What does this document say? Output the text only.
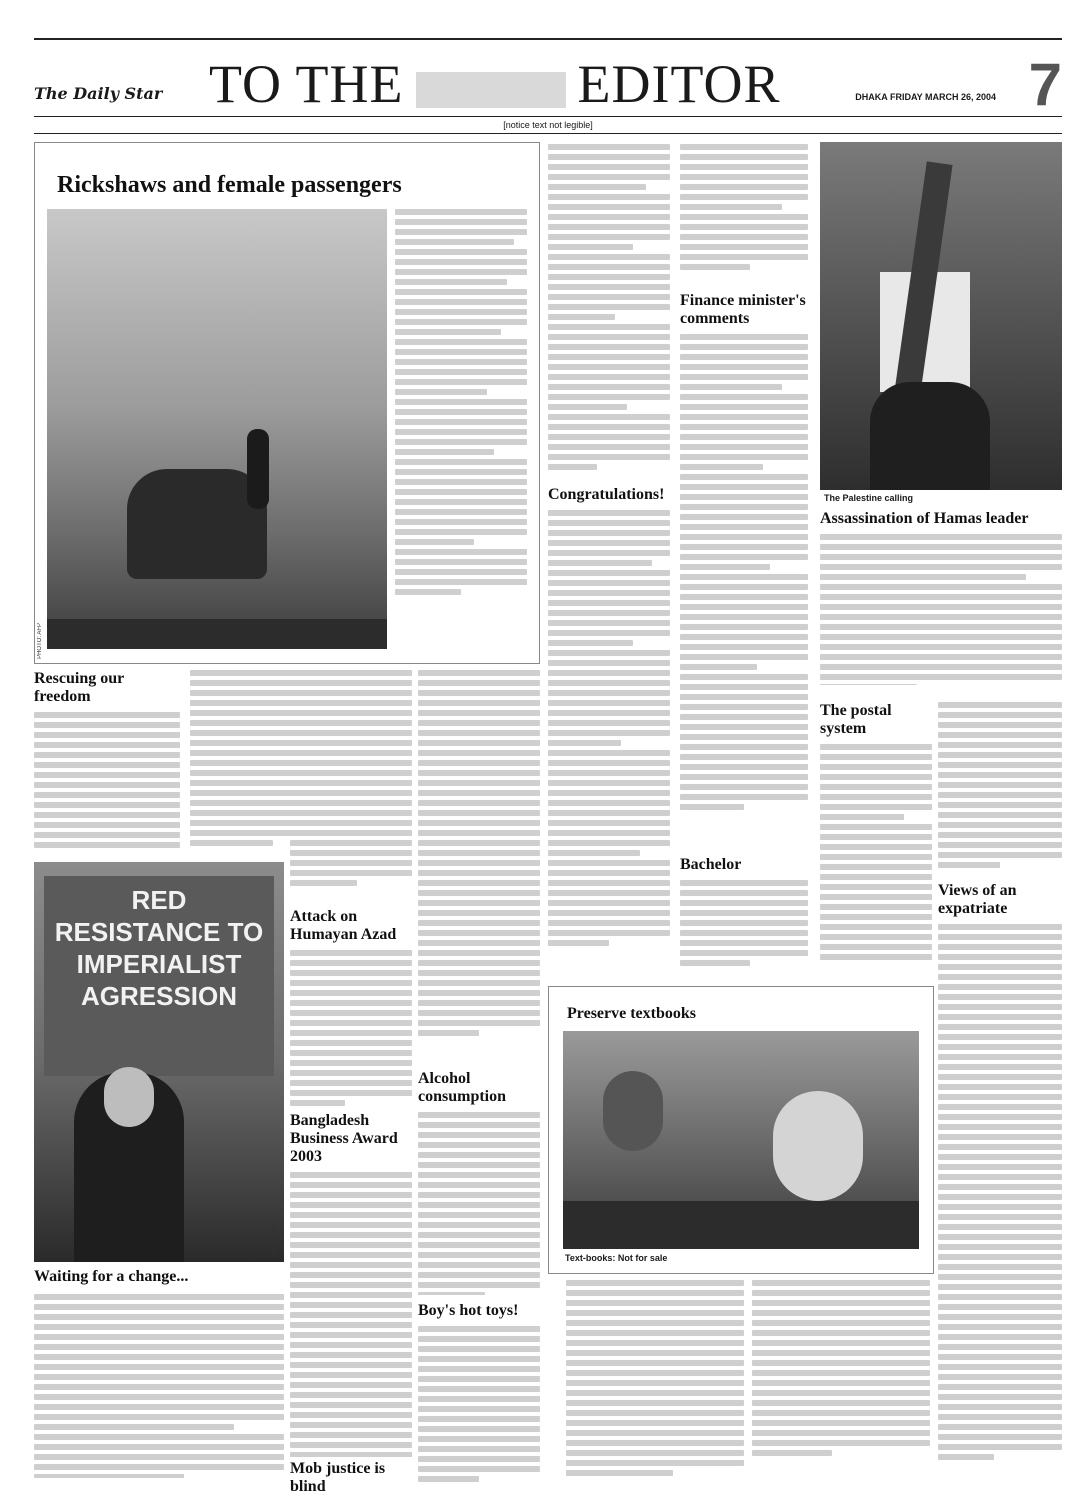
The Daily Star TO THE	EDITOR	DHAKA FRIDAY MARCH 26, 2004 7
[notice text not legible]
Rickshaws and female passengers
PHOTO: AFP
Congratulations!
Finance minister's comments
Bachelor
The Palestine calling
Assassination of Hamas leader
The postal system
Views of an expatriate
Rescuing our freedom
RED RESISTANCE TO IMPERIALIST AGRESSION
PHOTO: AFP
Waiting for a change...
Attack on Humayan Azad
Bangladesh Business Award 2003
Mob justice is blind
Alcohol consumption
Boy's hot toys!
Preserve textbooks
Text-books: Not for sale
